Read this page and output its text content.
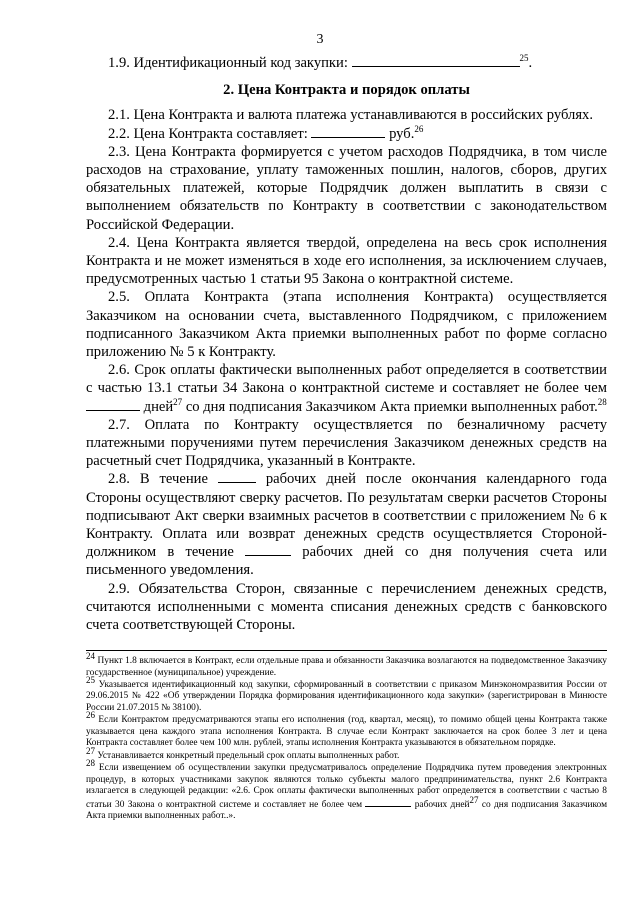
3

1.9. Идентификационный код закупки:	$^{25}$.

2. Цена Контракта и порядок оплаты

2.1. Цена Контракта и валюта платежа устанавливаются в российских рублях.

2.2. Цена Контракта составляет:	руб.$^{26}$

2.3. Цена Контракта формируется с учетом расходов Подрядчика, в том числе расходов на страхование, уплату таможенных пошлин, налогов, сборов, других обязательных платежей, которые Подрядчик должен выплатить в связи с выполнением обязательств по Контракту в соответствии с законодательством Российской Федерации.

2.4. Цена Контракта является твердой, определена на весь срок исполнения Контракта и не может изменяться в ходе его исполнения, за исключением случаев, предусмотренных частью 1 статьи 95 Закона о контрактной системе.

2.5. Оплата Контракта (этапа исполнения Контракта) осуществляется Заказчиком на основании счета, выставленного Подрядчиком, с приложением подписанного Заказчиком Акта приемки выполненных работ по форме согласно приложению № 5 к Контракту.

2.6. Срок оплаты фактически выполненных работ определяется в соответствии с частью 13.1 статьи 34 Закона о контрактной системе и составляет не более чем  дней$^{27}$ со дня подписания Заказчиком Акта приемки выполненных работ.$^{28}$

2.7. Оплата по Контракту осуществляется по безналичному расчету платежными поручениями путем перечисления Заказчиком денежных средств на расчетный счет Подрядчика, указанный в Контракте.

2.8. В течение	рабочих дней после окончания календарного года Стороны осуществляют сверку расчетов. По результатам сверки расчетов Стороны подписывают Акт сверки взаимных расчетов в соответствии с приложением № 6 к Контракту. Оплата или возврат денежных средств осуществляется Стороной-должником в течение	рабочих дней со дня получения счета или письменного уведомления.

2.9. Обязательства Сторон, связанные с перечислением денежных средств, считаются исполненными с момента списания денежных средств с банковского счета соответствующей Стороны.

$^{24}$ Пункт 1.8 включается в Контракт, если отдельные права и обязанности Заказчика возлагаются на подведомственное Заказчику государственное (муниципальное) учреждение.

$^{25}$ Указывается идентификационный код закупки, сформированный в соответствии с приказом Минэкономразвития России от 29.06.2015 № 422 «Об утверждении Порядка формирования идентификационного кода закупки» (зарегистрирован в Минюсте России 21.07.2015 № 38100).

$^{26}$ Если Контрактом предусматриваются этапы его исполнения (год, квартал, месяц), то помимо общей цены Контракта также указывается цена каждого этапа исполнения Контракта. В случае если Контракт заключается на срок более 3 лет и цена Контракта составляет более чем 100 млн. рублей, этапы исполнения Контракта указываются в обязательном порядке.

$^{27}$ Устанавливается конкретный предельный срок оплаты выполненных работ.

$^{28}$ Если извещением об осуществлении закупки предусматривалось определение Подрядчика путем проведения электронных процедур, в которых участниками закупок являются только субъекты малого предпринимательства, пункт 2.6 Контракта излагается в следующей редакции: «2.6. Срок оплаты фактически выполненных работ определяется в соответствии с частью 8 статьи 30 Закона о контрактной системе и составляет не более чем	рабочих дней$^{27}$ со дня подписания Заказчиком Акта приемки выполненных работ..».
